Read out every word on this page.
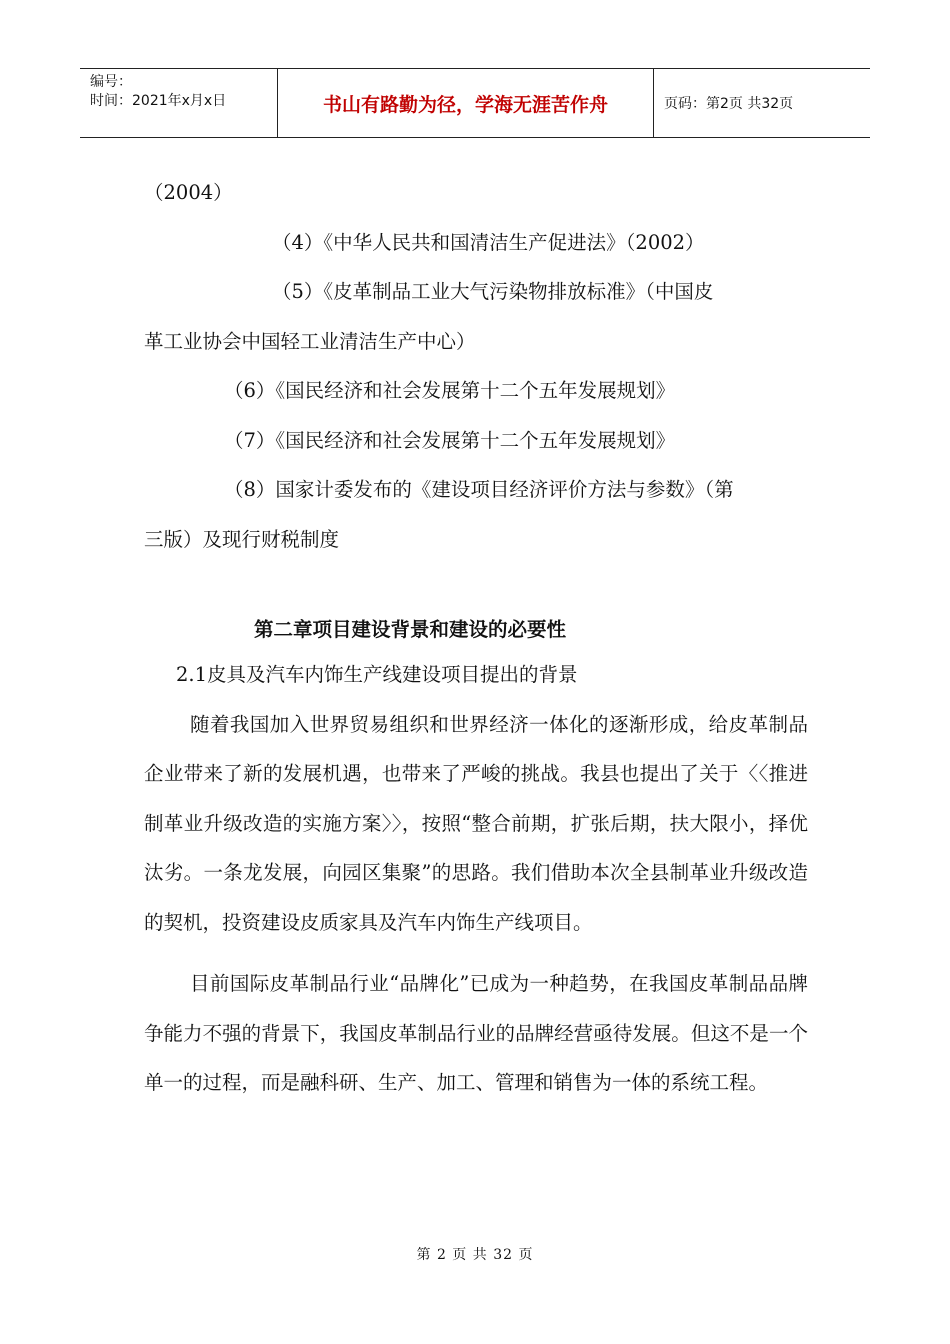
编号：
时间：2021年x月x日	书山有路勤为径，学海无涯苦作舟	页码：第2页 共32页

（2004）

（4）《中华人民共和国清洁生产促进法》（2002）

（5）《皮革制品工业大气污染物排放标准》（中国皮

革工业协会中国轻工业清洁生产中心）

（6）《国民经济和社会发展第十二个五年发展规划》

（7）《国民经济和社会发展第十二个五年发展规划》

（8）国家计委发布的《建设项目经济评价方法与参数》（第

三版）及现行财税制度

第二章项目建设背景和建设的必要性

2.1皮具及汽车内饰生产线建设项目提出的背景

随着我国加入世界贸易组织和世界经济一体化的逐渐形成，给皮革制品企业带来了新的发展机遇，也带来了严峻的挑战。我县也提出了关于〈〈推进制革业升级改造的实施方案〉〉，按照“整合前期，扩张后期，扶大限小，择优汰劣。一条龙发展，向园区集聚”的思路。我们借助本次全县制革业升级改造的契机，投资建设皮质家具及汽车内饰生产线项目。

目前国际皮革制品行业“品牌化”已成为一种趋势，在我国皮革制品品牌争能力不强的背景下，我国皮革制品行业的品牌经营亟待发展。但这不是一个单一的过程，而是融科研、生产、加工、管理和销售为一体的系统工程。

第 2 页 共 32 页
